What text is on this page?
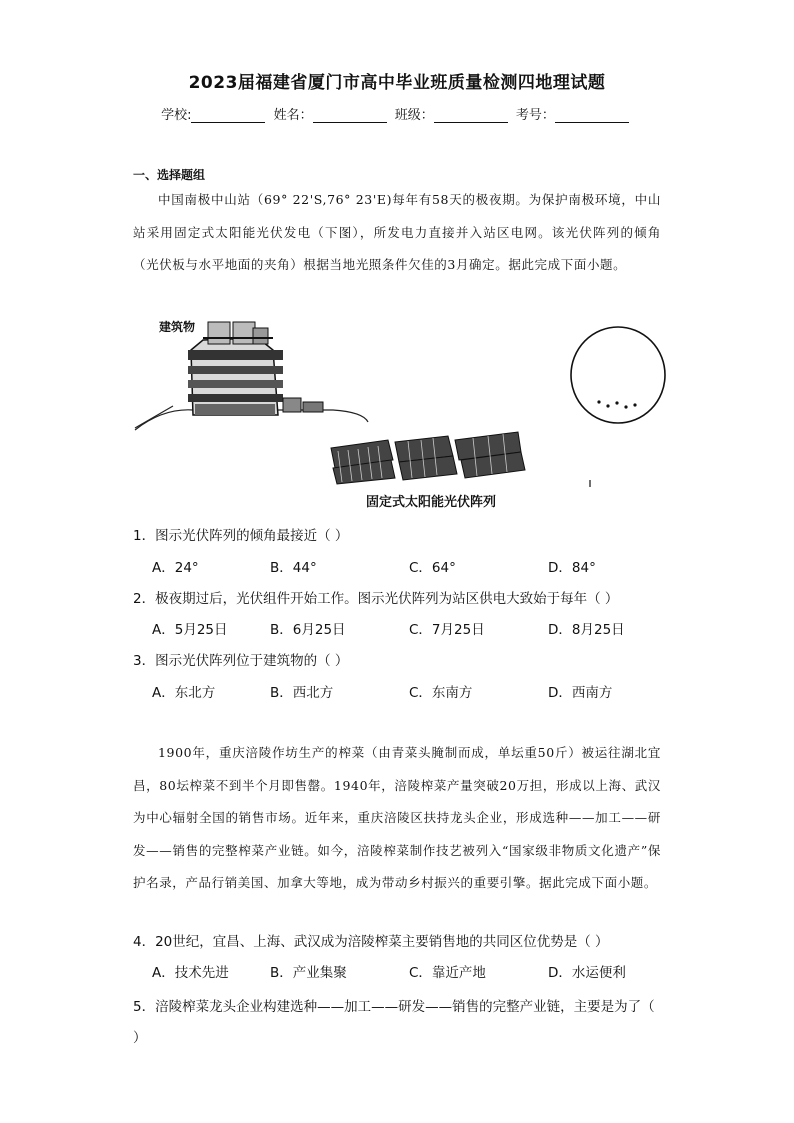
2023届福建省厦门市高中毕业班质量检测四地理试题
学校:	姓名：	班级：	考号：
一、选择题组

中国南极中山站（69° 22'S,76° 23'E)每年有58天的极夜期。为保护南极环境，中山站采用固定式太阳能光伏发电（下图），所发电力直接并入站区电网。该光伏阵列的倾角（光伏板与水平地面的夹角）根据当地光照条件欠佳的3月确定。据此完成下面小题。

建筑物
固定式太阳能光伏阵列
1．图示光伏阵列的倾角最接近（ ）
A．24°	B．44°	C．64°	D．84°
2．极夜期过后，光伏组件开始工作。图示光伏阵列为站区供电大致始于每年（ ）
A．5月25日	B．6月25日	C．7月25日	D．8月25日
3．图示光伏阵列位于建筑物的（ ）
A．东北方	B．西北方	C．东南方	D．西南方

1900年，重庆涪陵作坊生产的榨菜（由青菜头腌制而成，单坛重50斤）被运往湖北宜昌，80坛榨菜不到半个月即售罄。1940年，涪陵榨菜产量突破20万担，形成以上海、武汉为中心辐射全国的销售市场。近年来，重庆涪陵区扶持龙头企业，形成选种——加工——研发——销售的完整榨菜产业链。如今，涪陵榨菜制作技艺被列入“国家级非物质文化遗产”保护名录，产品行销美国、加拿大等地，成为带动乡村振兴的重要引擎。据此完成下面小题。

4．20世纪，宜昌、上海、武汉成为涪陵榨菜主要销售地的共同区位优势是（ ）
A．技术先进	B．产业集聚	C．靠近产地	D．水运便利
5．涪陵榨菜龙头企业构建选种——加工——研发——销售的完整产业链，主要是为了（ ）
